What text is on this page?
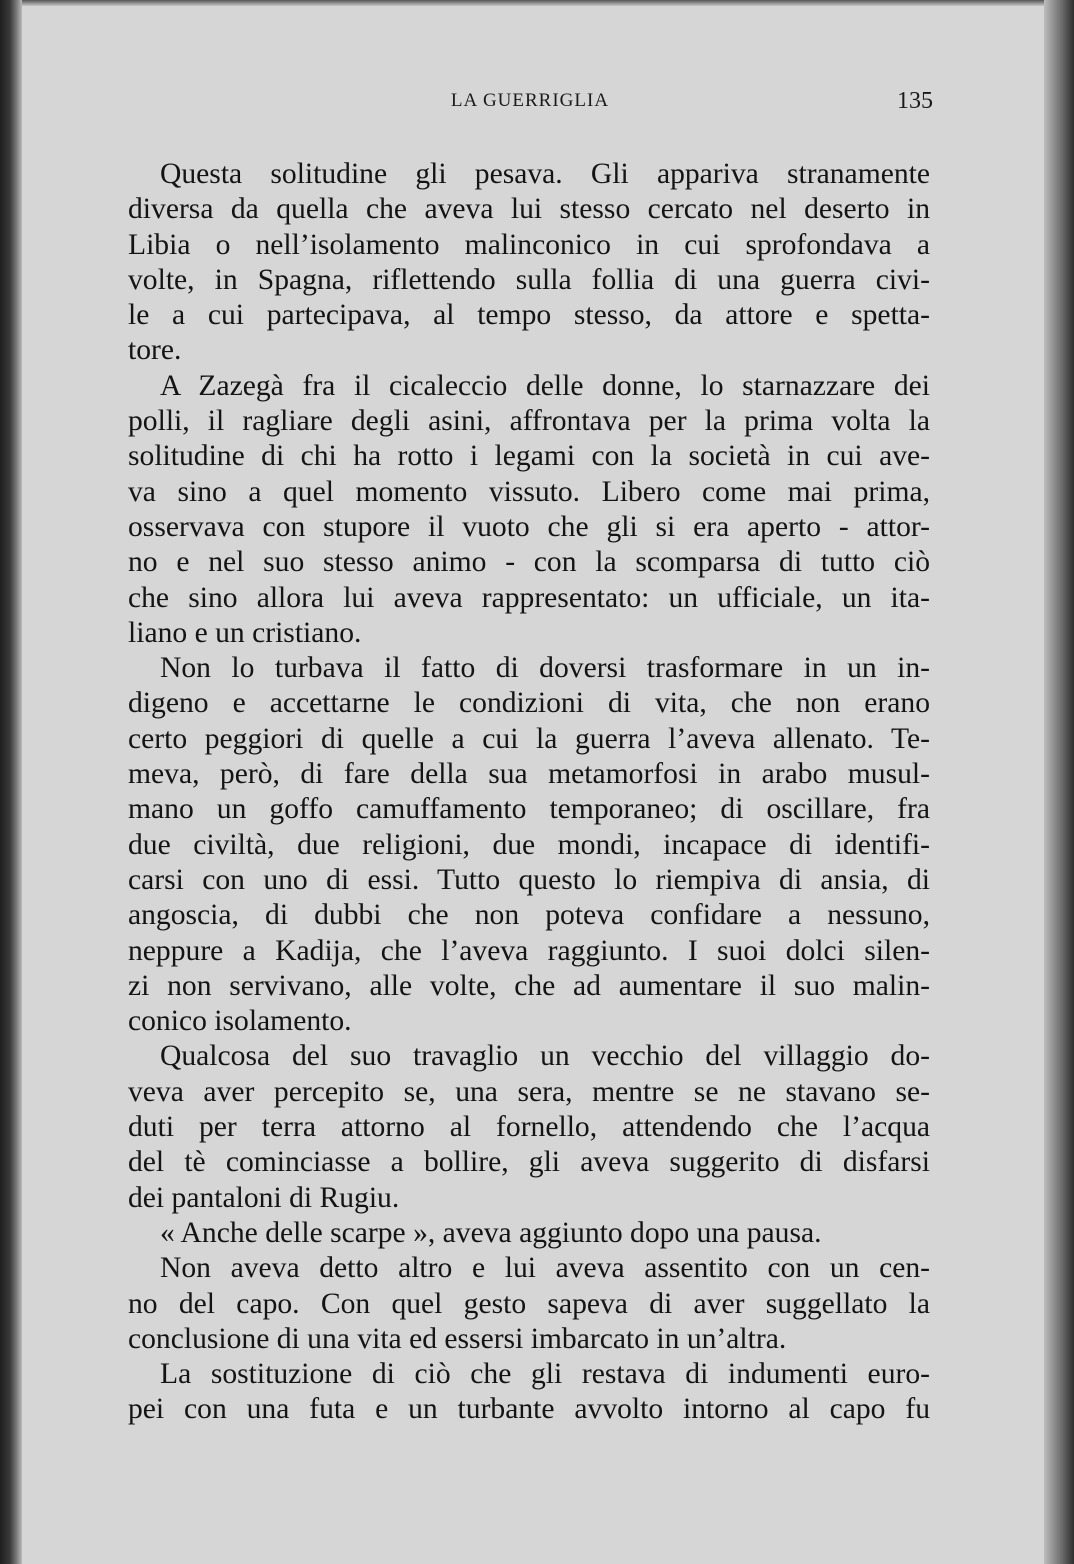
LA GUERRIGLIA	135
Questa solitudine gli pesava. Gli appariva stranamente
diversa da quella che aveva lui stesso cercato nel deserto in
Libia o nell’isolamento malinconico in cui sprofondava a
volte, in Spagna, riflettendo sulla follia di una guerra civi-
le a cui partecipava, al tempo stesso, da attore e spetta-
tore.
A Zazegà fra il cicaleccio delle donne, lo starnazzare dei
polli, il ragliare degli asini, affrontava per la prima volta la
solitudine di chi ha rotto i legami con la società in cui ave-
va sino a quel momento vissuto. Libero come mai prima,
osservava con stupore il vuoto che gli si era aperto - attor-
no e nel suo stesso animo - con la scomparsa di tutto ciò
che sino allora lui aveva rappresentato: un ufficiale, un ita-
liano e un cristiano.
Non lo turbava il fatto di doversi trasformare in un in-
digeno e accettarne le condizioni di vita, che non erano
certo peggiori di quelle a cui la guerra l’aveva allenato. Te-
meva, però, di fare della sua metamorfosi in arabo musul-
mano un goffo camuffamento temporaneo; di oscillare, fra
due civiltà, due religioni, due mondi, incapace di identifi-
carsi con uno di essi. Tutto questo lo riempiva di ansia, di
angoscia, di dubbi che non poteva confidare a nessuno,
neppure a Kadija, che l’aveva raggiunto. I suoi dolci silen-
zi non servivano, alle volte, che ad aumentare il suo malin-
conico isolamento.
Qualcosa del suo travaglio un vecchio del villaggio do-
veva aver percepito se, una sera, mentre se ne stavano se-
duti per terra attorno al fornello, attendendo che l’acqua
del tè cominciasse a bollire, gli aveva suggerito di disfarsi
dei pantaloni di Rugiu.
« Anche delle scarpe », aveva aggiunto dopo una pausa.
Non aveva detto altro e lui aveva assentito con un cen-
no del capo. Con quel gesto sapeva di aver suggellato la
conclusione di una vita ed essersi imbarcato in un’altra.
La sostituzione di ciò che gli restava di indumenti euro-
pei con una futa e un turbante avvolto intorno al capo fu
